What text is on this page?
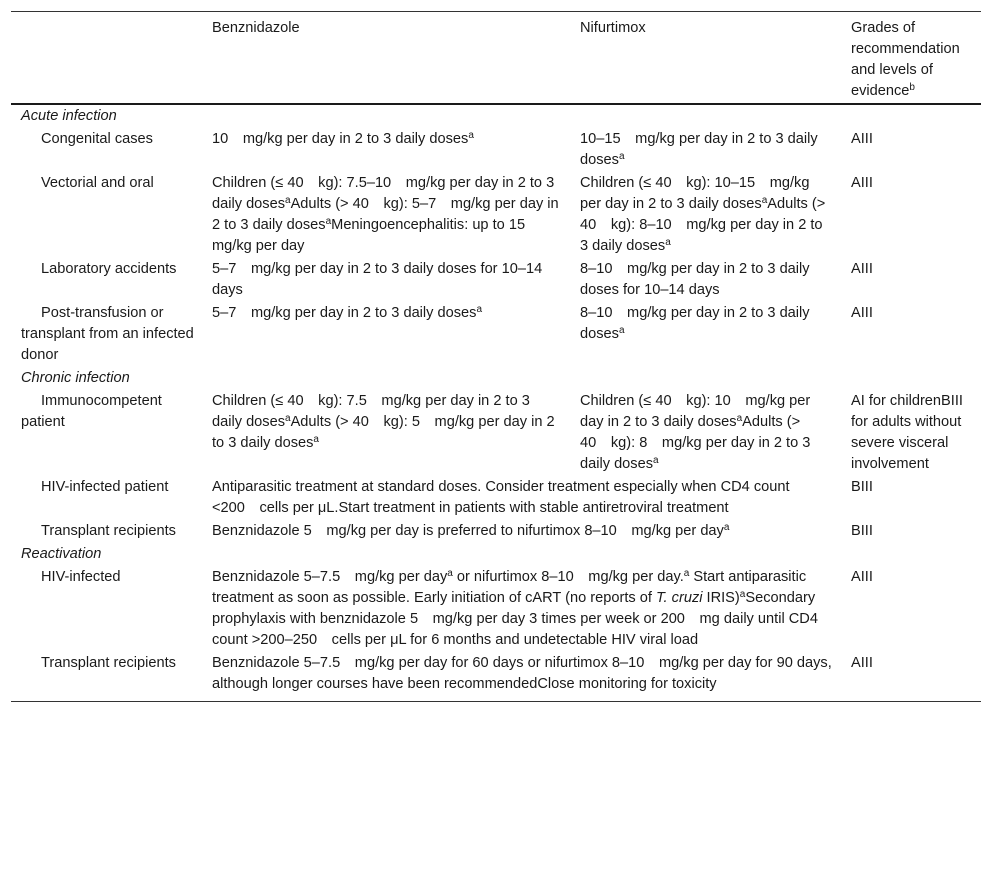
	Benznidazole	Nifurtimox	Grades of recommendation and levels of evidence$^b$
Acute infection			
Congenital cases	10 mg/kg per day in 2 to 3 daily doses$^a$	10–15 mg/kg per day in 2 to 3 daily doses$^a$	AIII
Vectorial and oral	Children (≤ 40 kg): 7.5–10 mg/kg per day in 2 to 3 daily doses$^a$Adults (> 40 kg): 5–7 mg/kg per day in 2 to 3 daily doses$^a$Meningoencephalitis: up to 15 mg/kg per day	Children (≤ 40 kg): 10–15 mg/kg per day in 2 to 3 daily doses$^a$Adults (> 40 kg): 8–10 mg/kg per day in 2 to 3 daily doses$^a$	AIII
Laboratory accidents	5–7 mg/kg per day in 2 to 3 daily doses for 10–14 days	8–10 mg/kg per day in 2 to 3 daily doses for 10–14 days	AIII
Post-transfusion or transplant from an infected donor	5–7 mg/kg per day in 2 to 3 daily doses$^a$	8–10 mg/kg per day in 2 to 3 daily doses$^a$	AIII
Chronic infection			
Immunocompetent patient	Children (≤ 40 kg): 7.5 mg/kg per day in 2 to 3 daily doses$^a$Adults (> 40 kg): 5 mg/kg per day in 2 to 3 daily doses$^a$	Children (≤ 40 kg): 10 mg/kg per day in 2 to 3 daily doses$^a$Adults (> 40 kg): 8 mg/kg per day in 2 to 3 daily doses$^a$	AI for childrenBIII for adults without severe visceral involvement
HIV-infected patient	Antiparasitic treatment at standard doses. Consider treatment especially when CD4 count <200 cells per μL.Start treatment in patients with stable antiretroviral treatment		BIII
Transplant recipients	Benznidazole 5 mg/kg per day is preferred to nifurtimox 8–10 mg/kg per day$^a$		BIII
Reactivation			
HIV-infected	Benznidazole 5–7.5 mg/kg per day$^a$ or nifurtimox 8–10 mg/kg per day.$^a$ Start antiparasitic treatment as soon as possible. Early initiation of cART (no reports of T. cruzi IRIS)$^a$Secondary prophylaxis with benznidazole 5 mg/kg per day 3 times per week or 200 mg daily until CD4 count >200–250 cells per μL for 6 months and undetectable HIV viral load		AIII
Transplant recipients	Benznidazole 5–7.5 mg/kg per day for 60 days or nifurtimox 8–10 mg/kg per day for 90 days, although longer courses have been recommendedClose monitoring for toxicity		AIII
